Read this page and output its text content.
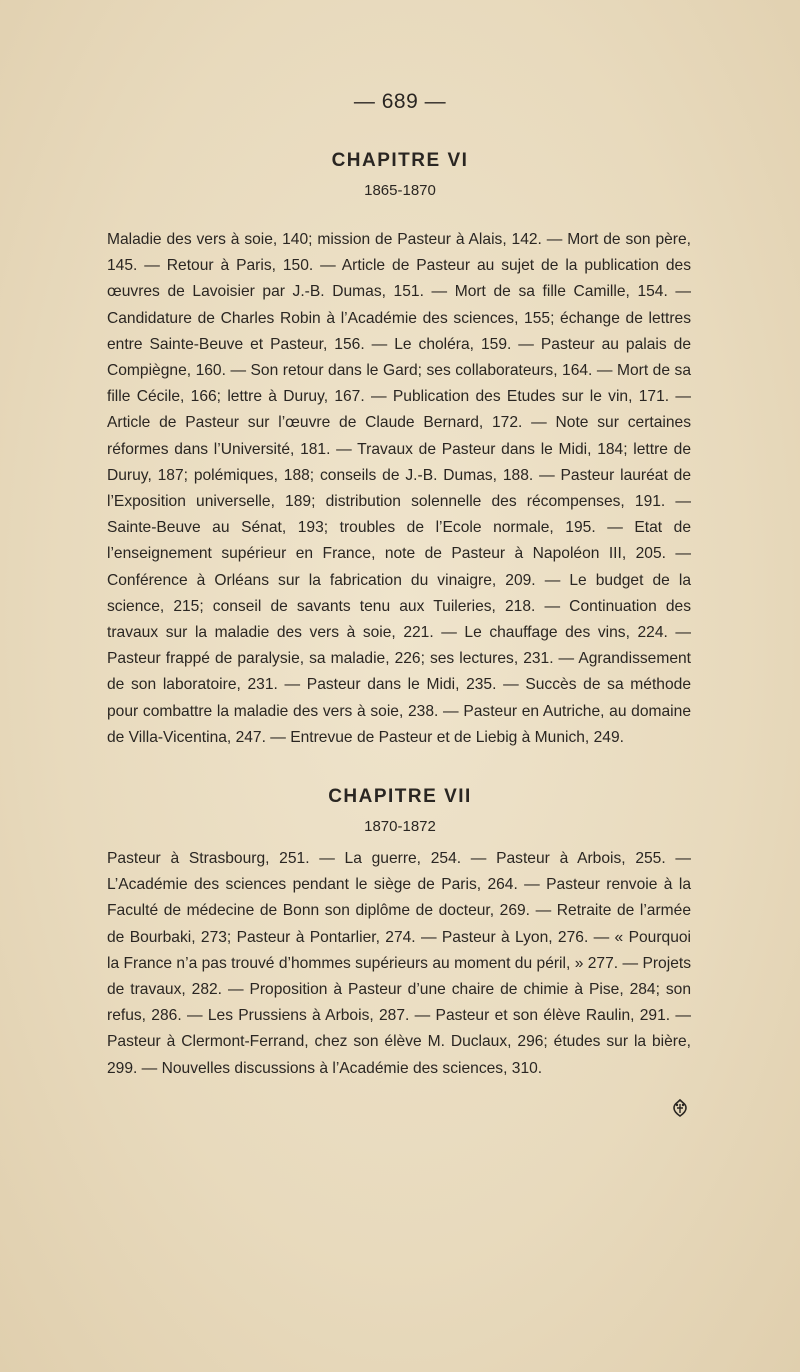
— 689 —
CHAPITRE VI
1865-1870

Maladie des vers à soie, 140; mission de Pasteur à Alais, 142. — Mort de son père, 145. — Retour à Paris, 150. — Article de Pasteur au sujet de la publication des œuvres de Lavoisier par J.-B. Dumas, 151. — Mort de sa fille Camille, 154. — Candidature de Charles Robin à l’Académie des sciences, 155; échange de lettres entre Sainte-Beuve et Pasteur, 156. — Le choléra, 159. — Pasteur au palais de Compiègne, 160. — Son retour dans le Gard; ses collaborateurs, 164. — Mort de sa fille Cécile, 166; lettre à Duruy, 167. — Publication des Etudes sur le vin, 171. — Article de Pasteur sur l’œuvre de Claude Bernard, 172. — Note sur certaines réformes dans l’Université, 181. — Travaux de Pasteur dans le Midi, 184; lettre de Duruy, 187; polémiques, 188; conseils de J.-B. Dumas, 188. — Pasteur lauréat de l’Exposition universelle, 189; distribution solennelle des récompenses, 191. — Sainte-Beuve au Sénat, 193; troubles de l’Ecole normale, 195. — Etat de l’enseignement supérieur en France, note de Pasteur à Napoléon III, 205. — Conférence à Orléans sur la fabrication du vinaigre, 209. — Le budget de la science, 215; conseil de savants tenu aux Tuileries, 218. — Continuation des travaux sur la maladie des vers à soie, 221. — Le chauffage des vins, 224. — Pasteur frappé de paralysie, sa maladie, 226; ses lectures, 231. — Agrandissement de son laboratoire, 231. — Pasteur dans le Midi, 235. — Succès de sa méthode pour combattre la maladie des vers à soie, 238. — Pasteur en Autriche, au domaine de Villa-Vicentina, 247. — Entrevue de Pasteur et de Liebig à Munich, 249.

CHAPITRE VII
1870-1872

Pasteur à Strasbourg, 251. — La guerre, 254. — Pasteur à Arbois, 255. — L’Académie des sciences pendant le siège de Paris, 264. — Pasteur renvoie à la Faculté de médecine de Bonn son diplôme de docteur, 269. — Retraite de l’armée de Bourbaki, 273; Pasteur à Pontarlier, 274. — Pasteur à Lyon, 276. — « Pourquoi la France n’a pas trouvé d’hommes supérieurs au moment du péril, » 277. — Projets de travaux, 282. — Proposition à Pasteur d’une chaire de chimie à Pise, 284; son refus, 286. — Les Prussiens à Arbois, 287. — Pasteur et son élève Raulin, 291. — Pasteur à Clermont-Ferrand, chez son élève M. Duclaux, 296; études sur la bière, 299. — Nouvelles discussions à l’Académie des sciences, 310.
